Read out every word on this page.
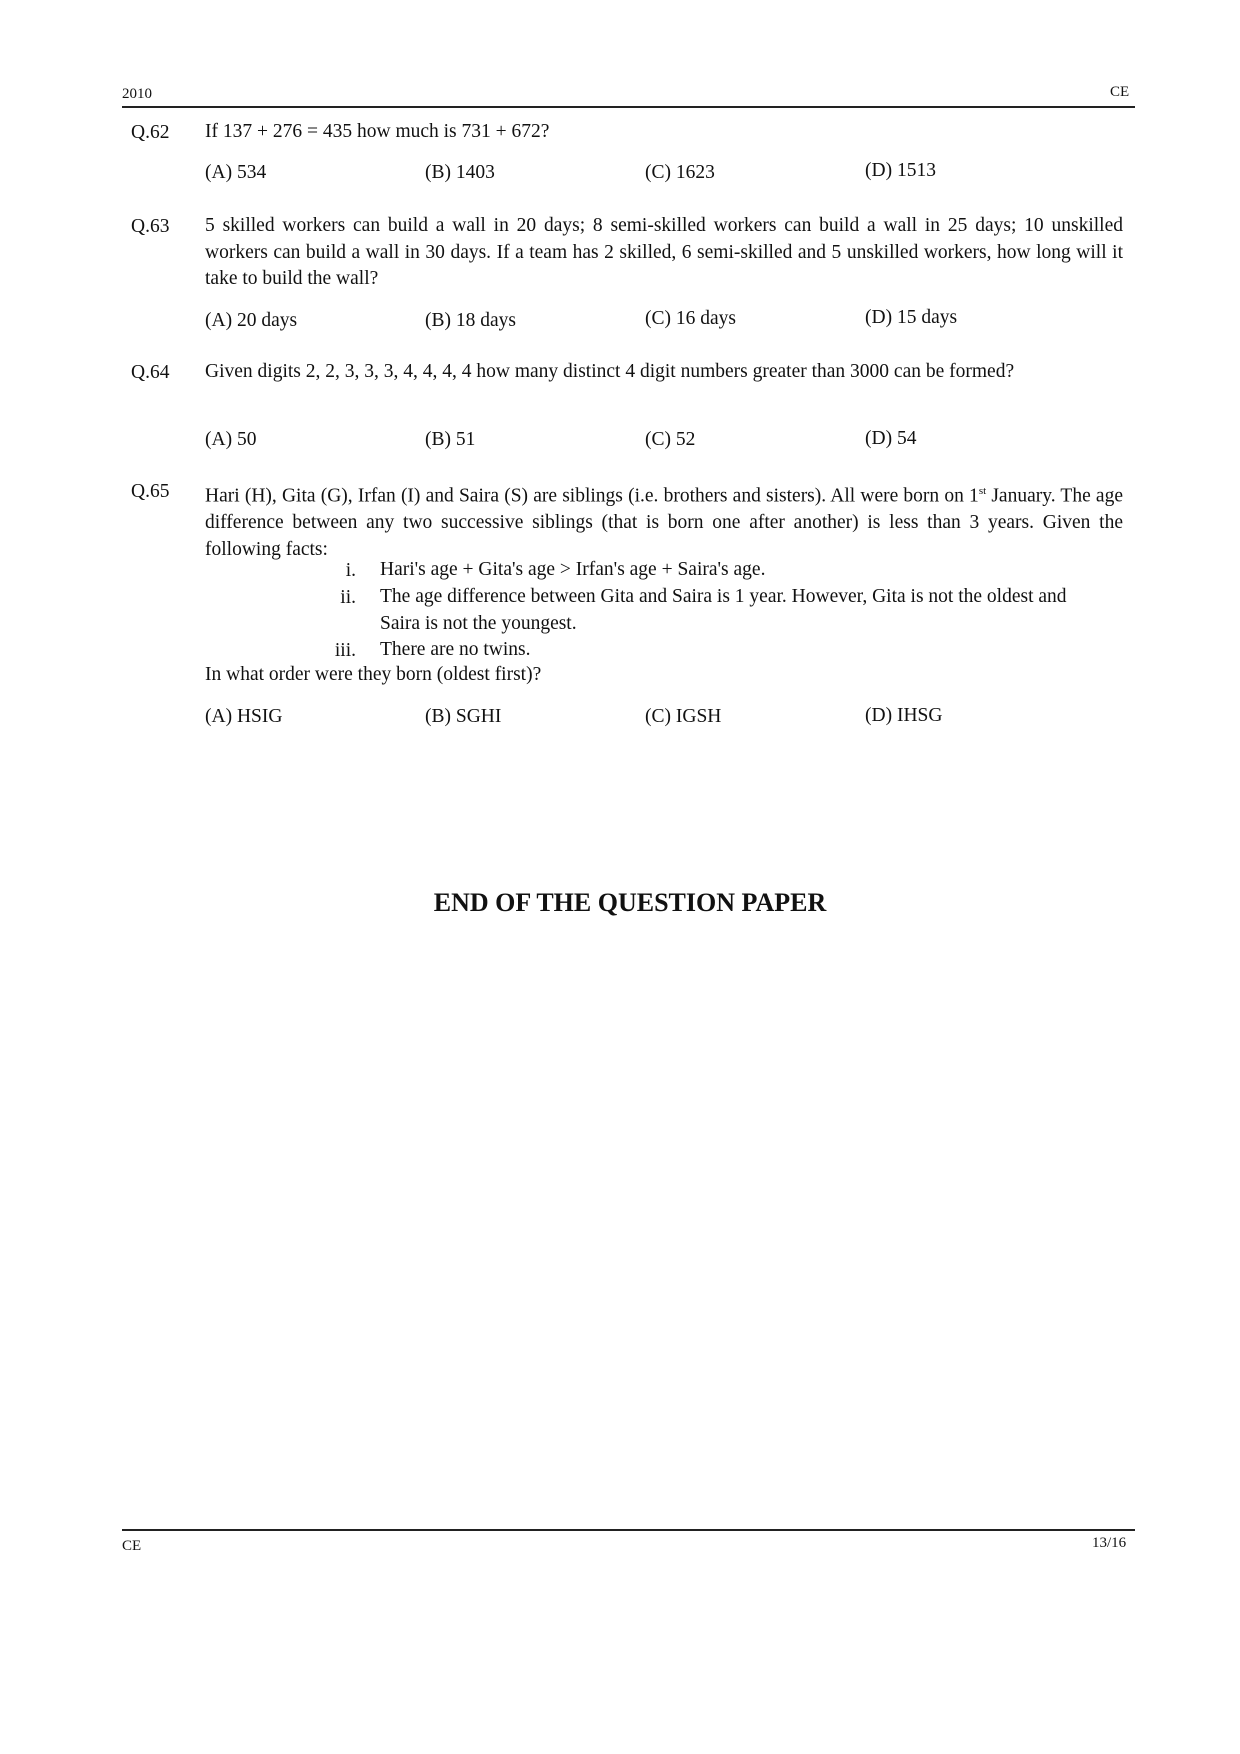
2010	CE
Q.62 If 137 + 276 = 435 how much is 731 + 672?
(A) 534	(B) 1403	(C) 1623	(D) 1513
Q.63 5 skilled workers can build a wall in 20 days; 8 semi-skilled workers can build a wall in 25 days; 10 unskilled workers can build a wall in 30 days. If a team has 2 skilled, 6 semi-skilled and 5 unskilled workers, how long will it take to build the wall?
(A) 20 days	(B) 18 days	(C) 16 days	(D) 15 days
Q.64 Given digits 2, 2, 3, 3, 3, 4, 4, 4, 4 how many distinct 4 digit numbers greater than 3000 can be formed?
(A) 50	(B) 51	(C) 52	(D) 54
Q.65 Hari (H), Gita (G), Irfan (I) and Saira (S) are siblings (i.e. brothers and sisters). All were born on 1st January. The age difference between any two successive siblings (that is born one after another) is less than 3 years. Given the following facts:
i. Hari's age + Gita's age > Irfan's age + Saira's age.
ii. The age difference between Gita and Saira is 1 year. However, Gita is not the oldest and Saira is not the youngest.
iii. There are no twins.
In what order were they born (oldest first)?
(A) HSIG	(B) SGHI	(C) IGSH	(D) IHSG
END OF THE QUESTION PAPER
CE	13/16
